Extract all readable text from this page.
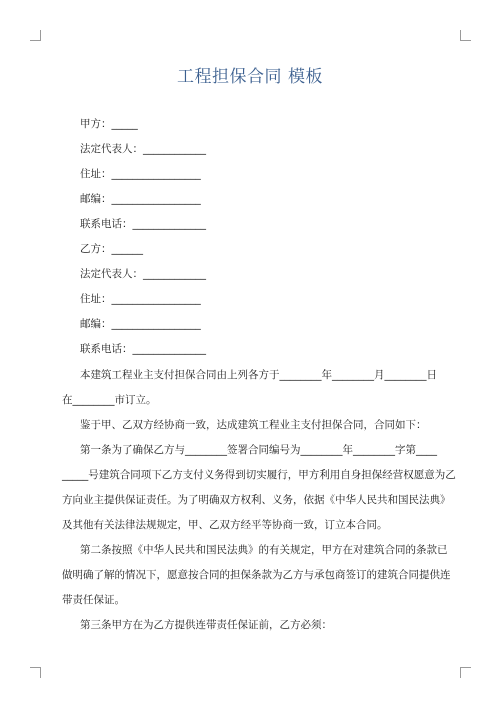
工程担保合同 模板
甲方：_____
法定代表人：____________
住址：_________________
邮编：_________________
联系电话：______________
乙方：______
法定代表人：____________
住址：_________________
邮编：_________________
联系电话：______________
本建筑工程业主支付担保合同由上列各方于________年________月________日
在________市订立。
鉴于甲、乙双方经协商一致，达成建筑工程业主支付担保合同，合同如下：
第一条为了确保乙方与________签署合同编号为________年________字第____
_____号建筑合同项下乙方支付义务得到切实履行，甲方利用自身担保经营权愿意为乙
方向业主提供保证责任。为了明确双方权利、义务，依据《中华人民共和国民法典》
及其他有关法律法规规定，甲、乙双方经平等协商一致，订立本合同。
第二条按照《中华人民共和国民法典》的有关规定，甲方在对建筑合同的条款已
做明确了解的情况下，愿意按合同的担保条款为乙方与承包商签订的建筑合同提供连
带责任保证。
第三条甲方在为乙方提供连带责任保证前，乙方必须：
